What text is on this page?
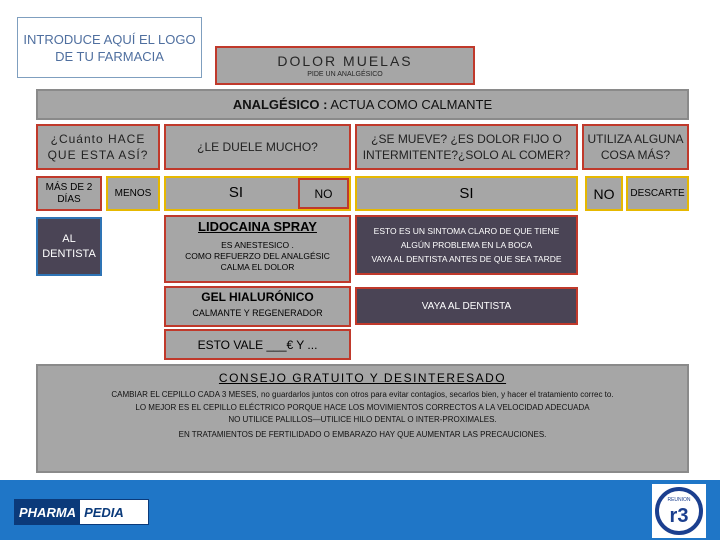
INTRODUCE AQUÍ EL LOGO DE TU FARMACIA	DOLOR MUELAS
PIDE UN ANALGÉSICO
ANALGÉSICO : ACTUA COMO CALMANTE
¿Cuánto HACE QUE ESTA ASÍ?
¿LE DUELE MUCHO?
¿SE MUEVE? ¿ES DOLOR FIJO O INTERMITENTE?¿SOLO AL COMER?
UTILIZA ALGUNA COSA MÁS?
MÁS DE 2 DÍAS	MENOS	SI	NO	SI	NO DESCARTE
AL DENTISTA
LIDOCAINA SPRAY
ES ANESTESICO .
COMO REFUERZO DEL ANALGÉSIC
CALMA EL DOLOR
ESTO ES UN SINTOMA CLARO DE QUE TIENE
ALGÚN PROBLEMA EN LA BOCA
VAYA AL DENTISTA ANTES DE QUE SEA TARDE
GEL HIALURÓNICO
CALMANTE Y REGENERADOR
VAYA AL DENTISTA
ESTO VALE ___€ Y ...
CONSEJO GRATUITO Y DESINTERESADO
CAMBIAR EL CEPILLO CADA 3 MESES, no guardarlos juntos con otros para evitar contagios, secarlos bien, y hacer el tratamiento correc to.
LO MEJOR ES EL CEPILLO ELÉCTRICO PORQUE HACE LOS MOVIMIENTOS CORRECTOS A LA VELOCIDAD ADECUADA
NO UTILICE PALILLOS—UTILICE HILO DENTAL O INTER-PROXIMALES.
EN TRATAMIENTOS DE FERTILIDADO O EMBARAZO HAY QUE AUMENTAR LAS PRECAUCIONES.
PHARMA PEDIA
REUNION
r3
